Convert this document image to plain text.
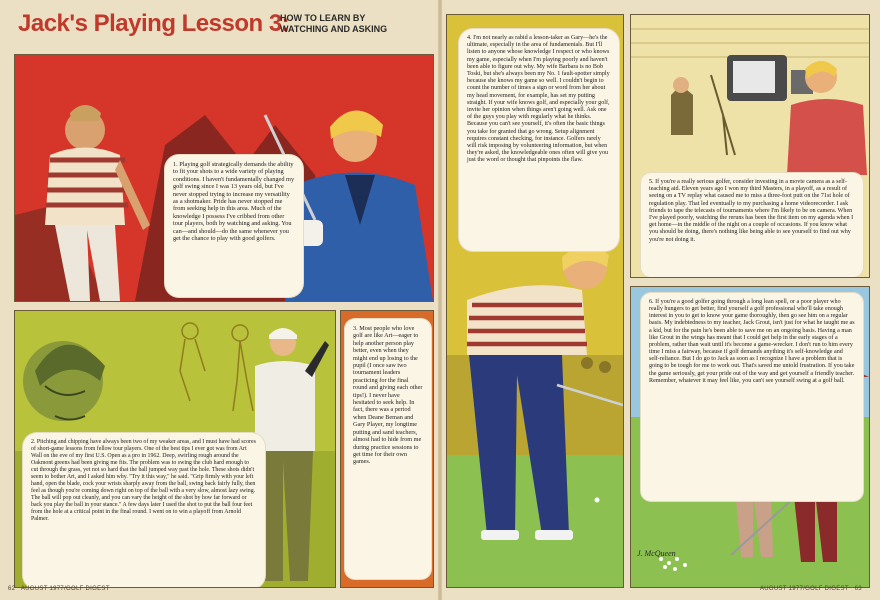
Jack's Playing Lesson 3:
HOW TO LEARN BY
WATCHING AND ASKING

1. Playing golf strategically demands the ability to fit your shots to a wide variety of playing conditions. I haven't fundamentally changed my golf swing since I was 13 years old, but I've never stopped trying to increase my versatility as a shotmaker. Pride has never stopped me from seeking help in this area. Much of the knowledge I possess I've cribbed from other tour players, both by watching and asking. You can—and should—do the same whenever you get the chance to play with good golfers.

2. Pitching and chipping have always been two of my weaker areas, and I must have had scores of short-game lessons from fellow tour players. One of the best tips I ever got was from Art Wall on the eve of my first U.S. Open as a pro in 1962. Deep, swirling rough around the Oakmont greens had been giving me fits. The problem was to swing the club hard enough to cut through the grass, yet not so hard that the ball jumped way past the hole. These shots didn't seem to bother Art, and I asked him why. "Try it this way," he said. "Grip firmly with your left hand, open the blade, cock your wrists sharply away from the ball, swing back fairly fully, then feel as though you're coming down right on top of the ball with a very slow, almost lazy swing. The ball will pop out cleanly, and you can vary the height of the shot by how far forward or back you play the ball in your stance." A few days later I used the shot to put the ball four feet from the hole at a critical point in the final round. I went on to win a playoff from Arnold Palmer.

3. Most people who love golf are like Art—eager to help another person play better, even when they might end up losing to the pupil (I once saw two tournament leaders practicing for the final round and giving each other tips!). I never have hesitated to seek help. In fact, there was a period when Deane Beman and Gary Player, my longtime putting and sand teachers, almost had to hide from me during practice sessions to get time for their own games.

4. I'm not nearly as rabid a lesson-taker as Gary—he's the ultimate, especially in the area of fundamentals. But I'll listen to anyone whose knowledge I respect or who knows my game, especially when I'm playing poorly and haven't been able to figure out why. My wife Barbara is no Bob Toski, but she's always been my No. 1 fault-spotter simply because she knows my game so well. I couldn't begin to count the number of times a sign or word from her about my head movement, for example, has set my putting straight. If your wife knows golf, and especially your golf, invite her opinion when things aren't going well. Ask one of the guys you play with regularly what he thinks. Because you can't see yourself, it's often the basic things you take for granted that go wrong. Setup alignment requires constant checking, for instance. Golfers rarely will risk imposing by volunteering information, but when they're asked, the knowledgeable ones often will give you just the word or thought that pinpoints the flaw.

5. If you're a really serious golfer, consider investing in a movie camera as a self-teaching aid. Eleven years ago I won my third Masters, in a playoff, as a result of seeing on a TV replay what caused me to miss a three-foot putt on the 71st hole of regulation play. That led eventually to my purchasing a home videorecorder. I ask friends to tape the telecasts of tournaments where I'm likely to be on camera. When I've played poorly, watching the reruns has been the first item on my agenda when I get home—in the middle of the night on a couple of occasions. If you know what you should be doing, there's nothing like being able to see yourself to find out why you're not doing it.

6. If you're a good golfer going through a long lean spell, or a poor player who really hungers to get better, find yourself a golf professional who'll take enough interest in you to get to know your game thoroughly, then go see him on a regular basis. My indebtedness to my teacher, Jack Grout, isn't just for what he taught me as a kid, but for the pain he's been able to save me on an ongoing basis. Having a man like Grout in the wings has meant that I could get help in the early stages of a problem, rather than wait until it's become a game-wrecker. I don't run to him every time I miss a fairway, because if golf demands anything it's self-knowledge and self-reliance. But I do go to Jack as soon as I recognize I have a problem that is going to be tough for me to work out. That's saved me untold frustration. If you take the game seriously, get your pride out of the way and get yourself a friendly teacher. Remember, whatever it may feel like, you can't see yourself swing at a golf ball.

J. McQueen
62 AUGUST 1977/GOLF DIGEST	AUGUST 1977/GOLF DIGEST 63
